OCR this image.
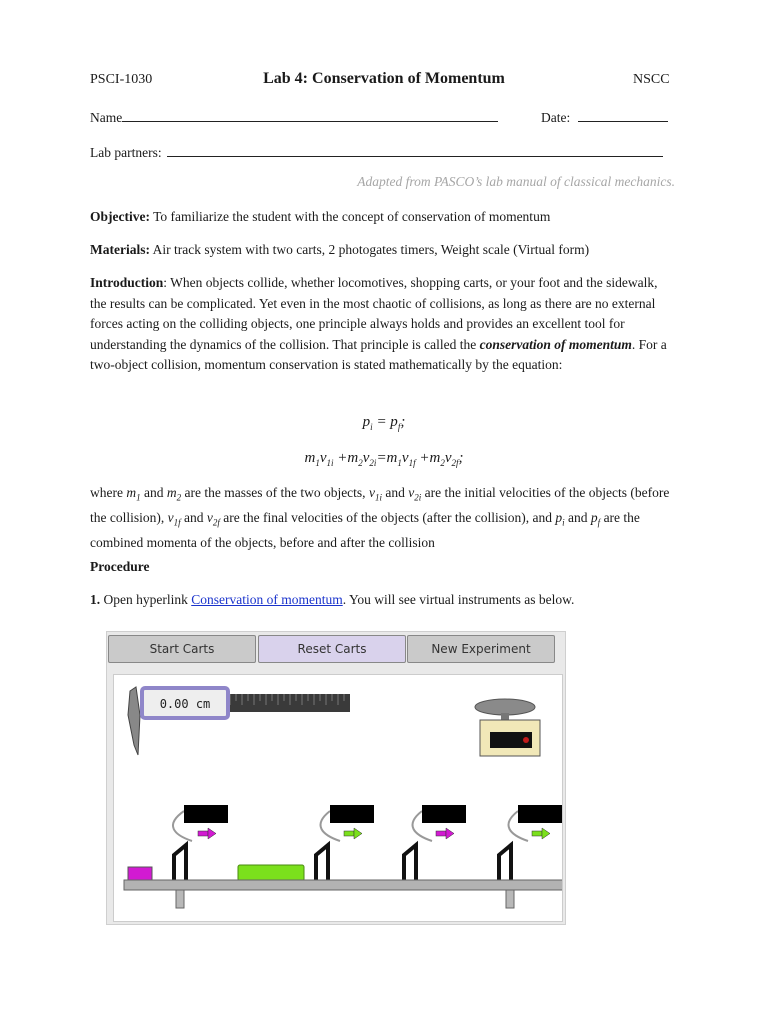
PSCI-1030	Lab 4: Conservation of Momentum	NSCC
Name	Date:
Lab partners:
Adapted from PASCO’s lab manual of classical mechanics.
Objective: To familiarize the student with the concept of conservation of momentum
Materials: Air track system with two carts, 2 photogates timers, Weight scale (Virtual form)
Introduction: When objects collide, whether locomotives, shopping carts, or your foot and the sidewalk, the results can be complicated. Yet even in the most chaotic of collisions, as long as there are no external forces acting on the colliding objects, one principle always holds and provides an excellent tool for understanding the dynamics of the collision. That principle is called the conservation of momentum. For a two-object collision, momentum conservation is stated mathematically by the equation:
$p_i = p_f$;
$m_1v_{1i} +m_2v_{2i}=m_1v_{1f} +m_2v_{2f}$;
where $m_1$ and $m_2$ are the masses of the two objects, $v_{1i}$ and $v_{2i}$ are the initial velocities of the objects (before the collision), $v_{1f}$ and $v_{2f}$ are the final velocities of the objects (after the collision), and $p_i$ and $p_f$ are the combined momenta of the objects, before and after the collision
Procedure
1. Open hyperlink Conservation of momentum. You will see virtual instruments as below.
Start Carts	Reset Carts	New Experiment
0.00 cm
